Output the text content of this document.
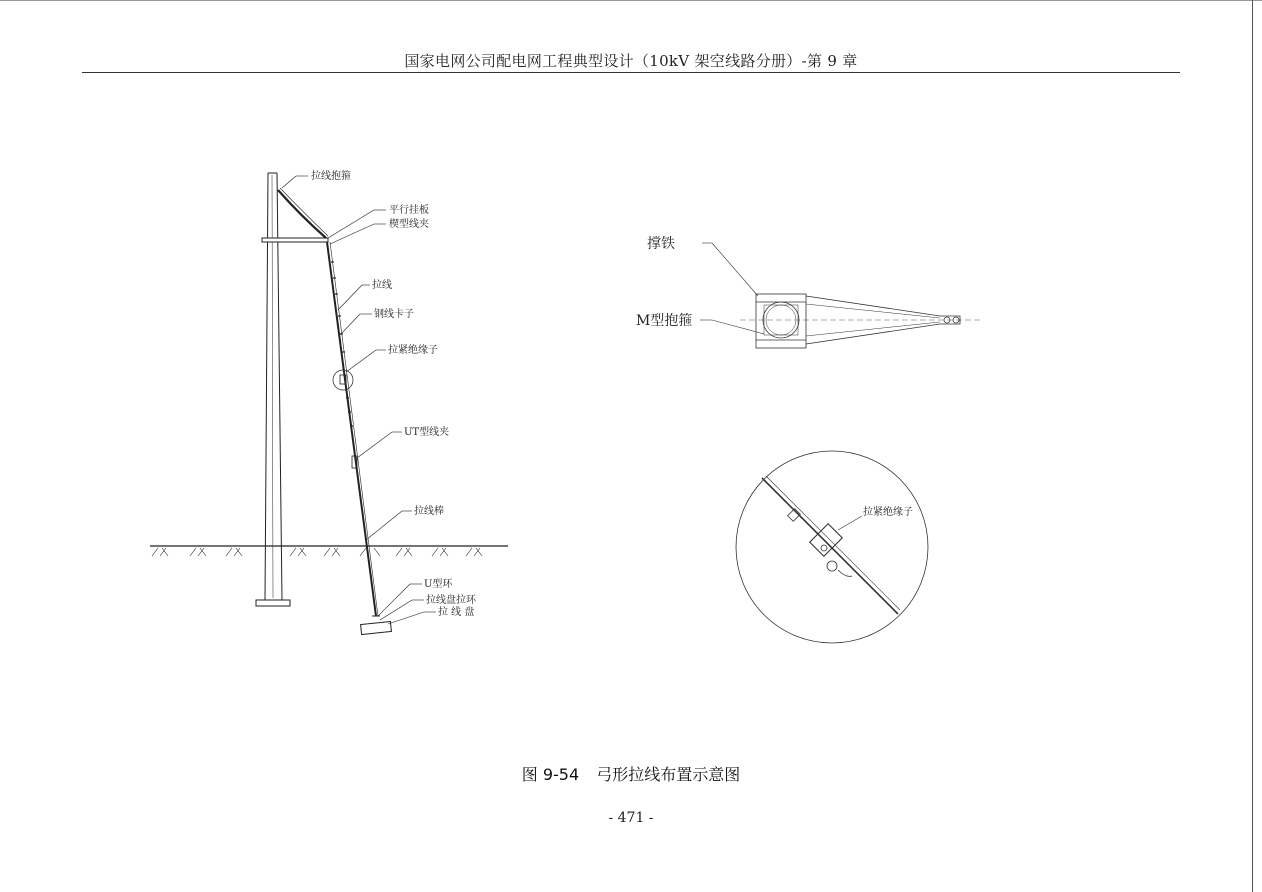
国家电网公司配电网工程典型设计（10kV 架空线路分册）-第 9 章
拉线抱箍
平行挂板
楔型线夹
拉线
钢线卡子
拉紧绝缘子
UT型线夹
拉线棒
U型环
拉线盘拉环
拉 线 盘
撑铁
M型抱箍
拉紧绝缘子
图 9-54 弓形拉线布置示意图
- 471 -
